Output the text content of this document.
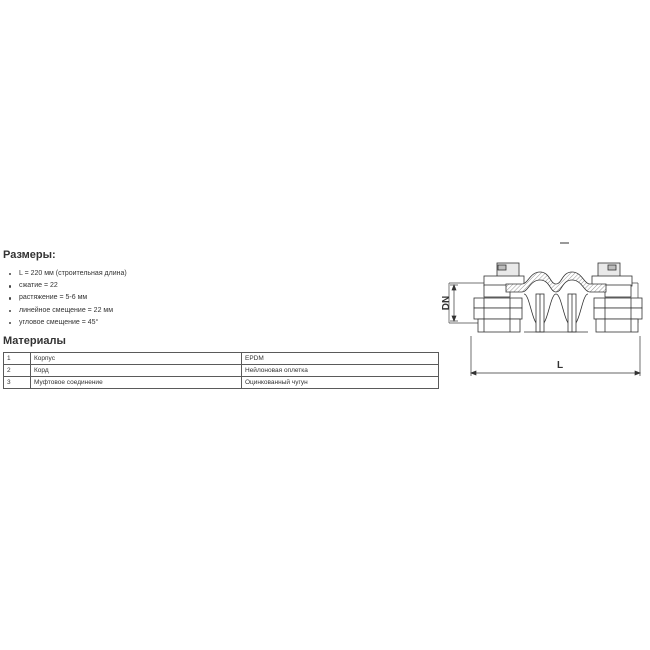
Размеры:
L = 220 мм (строительная длина)
сжатие = 22
растяжение = 5-6 мм
линейное смещение = 22 мм
угловое смещение = 45°
Материалы
1	Корпус	EPDM
2	Корд	Нейлоновая оплетка
3	Муфтовое соединение	Оцинкованный чугун
DN
L
